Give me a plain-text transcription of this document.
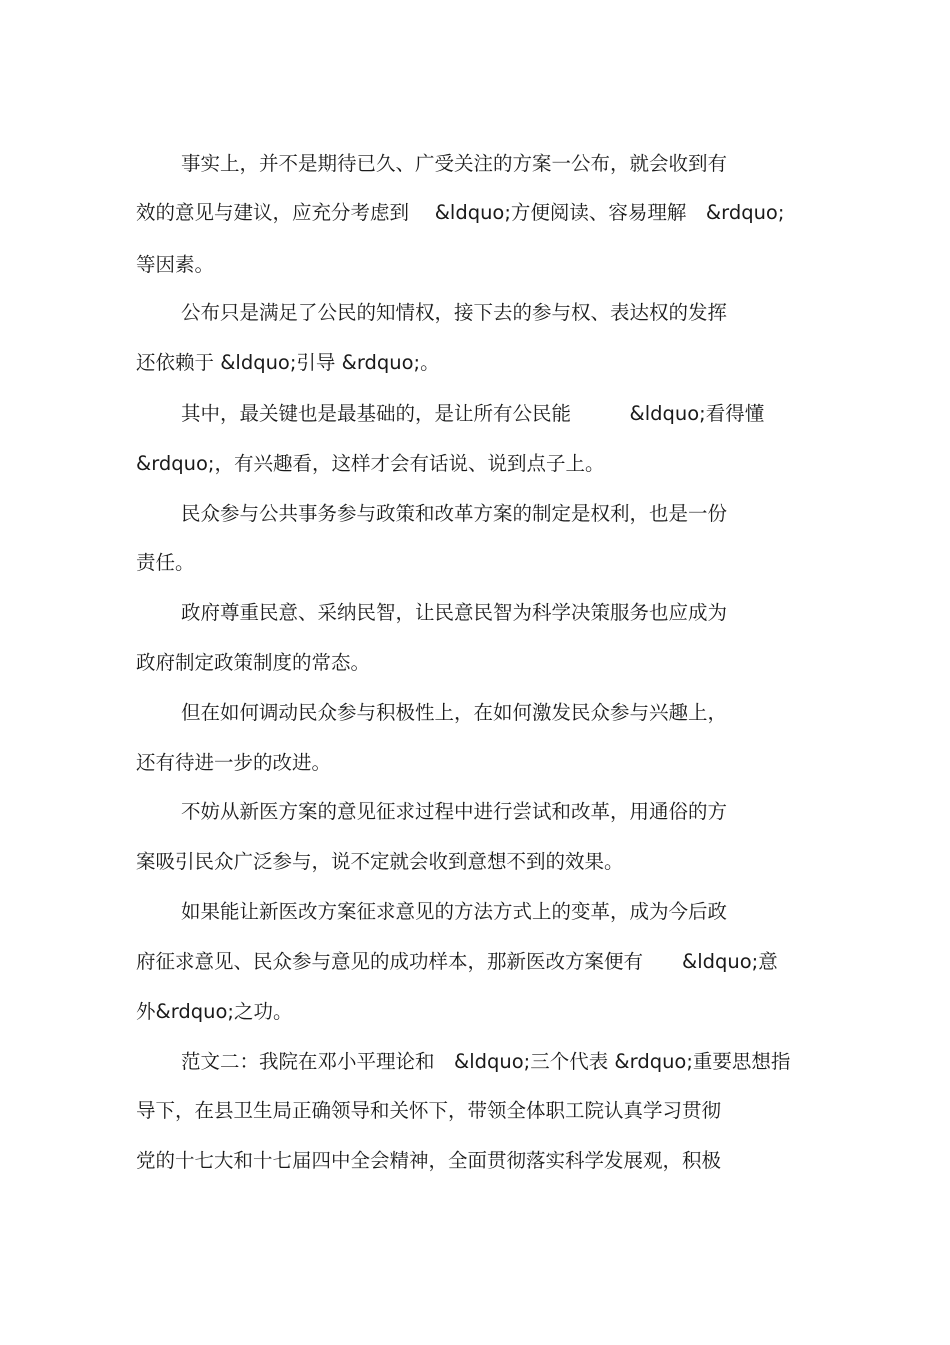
事实上，并不是期待已久、广受关注的方案一公布，就会收到有
效的意见与建议，应充分考虑到　 &ldquo;方便阅读、容易理解　&rdquo;
等因素。
公布只是满足了公民的知情权，接下去的参与权、表达权的发挥
还依赖于 &ldquo;引导 &rdquo;。
其中，最关键也是最基础的，是让所有公民能　　　&ldquo;看得懂
&rdquo;，有兴趣看，这样才会有话说、说到点子上。
民众参与公共事务参与政策和改革方案的制定是权利，也是一份
责任。
政府尊重民意、采纳民智，让民意民智为科学决策服务也应成为
政府制定政策制度的常态。
但在如何调动民众参与积极性上，在如何激发民众参与兴趣上，
还有待进一步的改进。
不妨从新医方案的意见征求过程中进行尝试和改革，用通俗的方
案吸引民众广泛参与，说不定就会收到意想不到的效果。
如果能让新医改方案征求意见的方法方式上的变革，成为今后政
府征求意见、民众参与意见的成功样本，那新医改方案便有　　&ldquo;意
外&rdquo;之功。
范文二：我院在邓小平理论和　&ldquo;三个代表 &rdquo;重要思想指
导下，在县卫生局正确领导和关怀下，带领全体职工院认真学习贯彻
党的十七大和十七届四中全会精神，全面贯彻落实科学发展观，积极
